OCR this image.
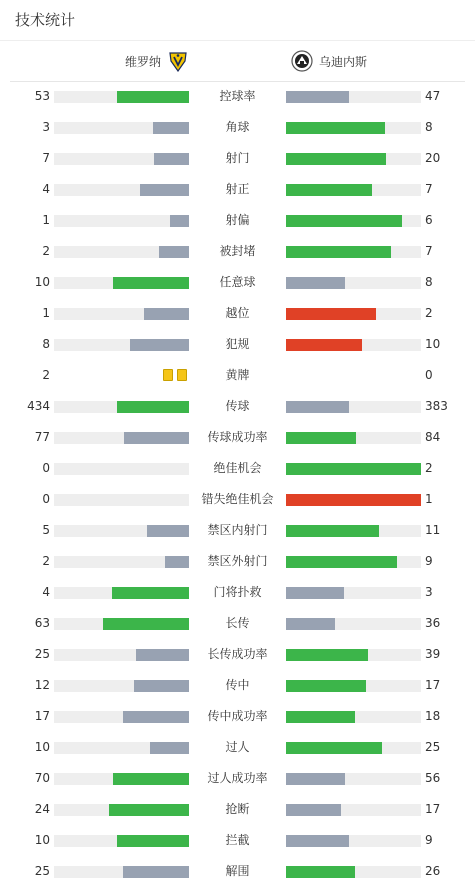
技术统计
维罗纳	乌迪内斯
53	控球率	47
3	角球	8
7	射门	20
4	射正	7
1	射偏	6
2	被封堵	7
10	任意球	8
1	越位	2
8	犯规	10
2	黄牌	0
434	传球	383
77	传球成功率	84
0	绝佳机会	2
0	错失绝佳机会	1
5	禁区内射门	11
2	禁区外射门	9
4	门将扑救	3
63	长传	36
25	长传成功率	39
12	传中	17
17	传中成功率	18
10	过人	25
70	过人成功率	56
24	抢断	17
10	拦截	9
25	解围	26
